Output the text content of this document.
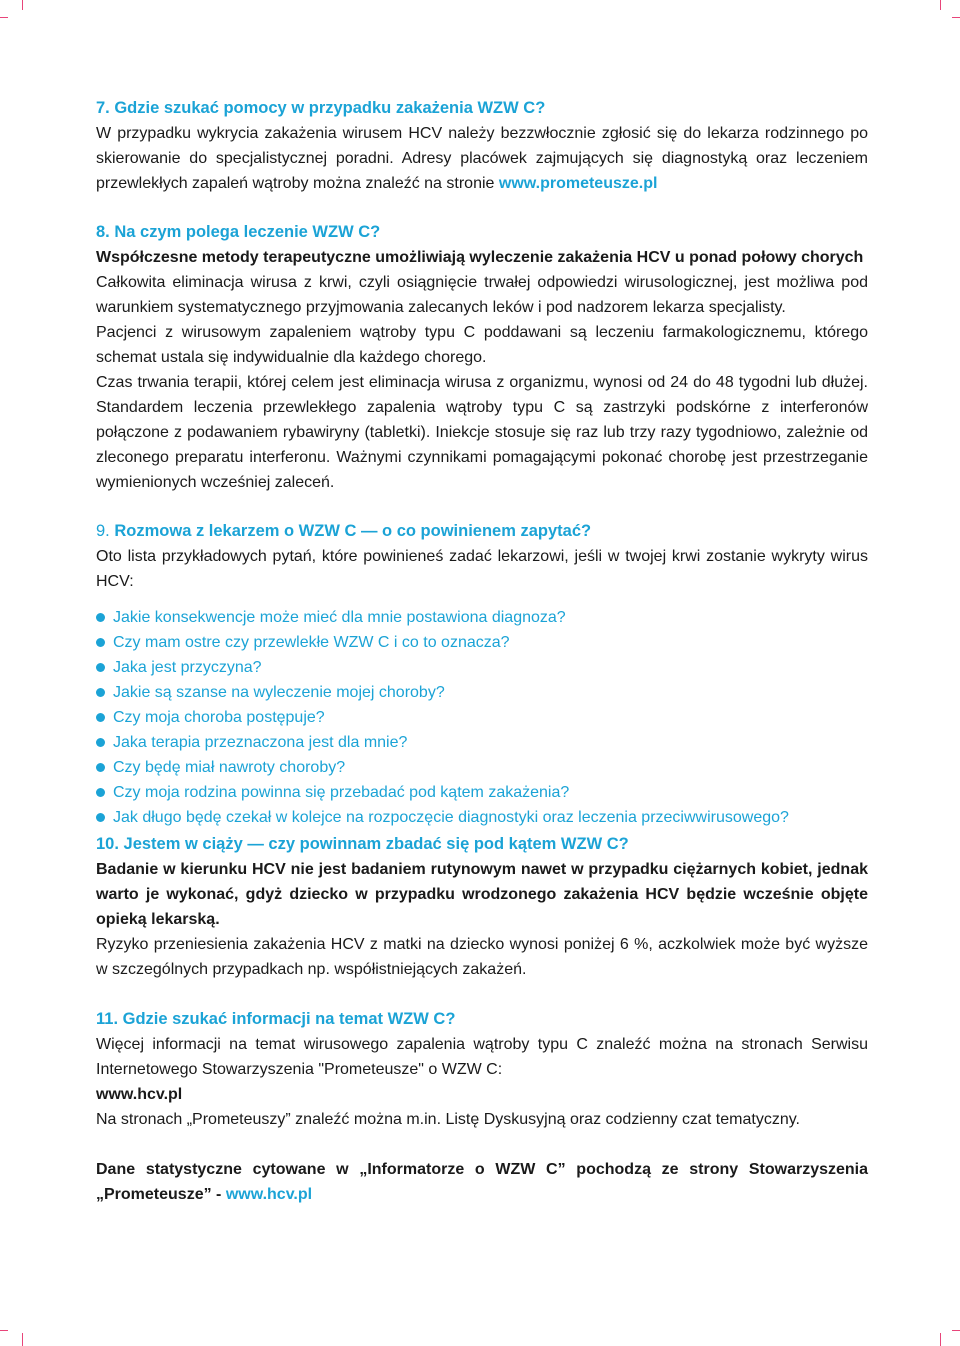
7. Gdzie szukać pomocy w przypadku zakażenia WZW C?

W przypadku wykrycia zakażenia wirusem HCV należy bezzwłocznie zgłosić się do lekarza rodzinnego po skierowanie do specjalistycznej poradni. Adresy placówek zajmujących się diagnostyką oraz leczeniem przewlekłych zapaleń wątroby można znaleźć na stronie www.prometeusze.pl

8. Na czym polega leczenie WZW C?

Współczesne metody terapeutyczne umożliwiają wyleczenie zakażenia HCV u ponad połowy chorych

Całkowita eliminacja wirusa z krwi, czyli osiągnięcie trwałej odpowiedzi wirusologicznej, jest możliwa pod warunkiem systematycznego przyjmowania zalecanych leków i pod nadzorem lekarza specjalisty.

Pacjenci z wirusowym zapaleniem wątroby typu C poddawani są leczeniu farmakologicznemu, którego schemat ustala się indywidualnie dla każdego chorego.

Czas trwania terapii, której celem jest eliminacja wirusa z organizmu, wynosi od 24 do 48 tygodni lub dłużej. Standardem leczenia przewlekłego zapalenia wątroby typu C są zastrzyki podskórne z interferonów połączone z podawaniem rybawiryny (tabletki). Iniekcje stosuje się raz lub trzy razy tygodniowo, zależnie od zleconego preparatu interferonu. Ważnymi czynnikami pomagającymi pokonać chorobę jest przestrzeganie wymienionych wcześniej zaleceń.

9. Rozmowa z lekarzem o WZW C — o co powinienem zapytać?

Oto lista przykładowych pytań, które powinieneś zadać lekarzowi, jeśli w twojej krwi zostanie wykryty wirus HCV:

Jakie konsekwencje może mieć dla mnie postawiona diagnoza?
Czy mam ostre czy przewlekłe WZW C i co to oznacza?
Jaka jest przyczyna?
Jakie są szanse na wyleczenie mojej choroby?
Czy moja choroba postępuje?
Jaka terapia przeznaczona jest dla mnie?
Czy będę miał nawroty choroby?
Czy moja rodzina powinna się przebadać pod kątem zakażenia?
Jak długo będę czekał w kolejce na rozpoczęcie diagnostyki oraz leczenia przeciwwirusowego?

10. Jestem w ciąży — czy powinnam zbadać się pod kątem WZW C?

Badanie w kierunku HCV nie jest badaniem rutynowym nawet w przypadku ciężarnych kobiet, jednak warto je wykonać, gdyż dziecko w przypadku wrodzonego zakażenia HCV będzie wcześnie objęte opieką lekarską.

Ryzyko przeniesienia zakażenia HCV z matki na dziecko wynosi poniżej 6 %, aczkolwiek może być wyższe w szczególnych przypadkach np. współistniejących zakażeń.

11. Gdzie szukać informacji na temat WZW C?

Więcej informacji na temat wirusowego zapalenia wątroby typu C znaleźć można na stronach Serwisu Internetowego Stowarzyszenia "Prometeusze" o WZW C:

www.hcv.pl

Na stronach „Prometeuszy” znaleźć można m.in. Listę Dyskusyjną oraz codzienny czat tematyczny.

Dane statystyczne cytowane w „Informatorze o WZW C” pochodzą ze strony Stowarzyszenia „Prometeusze” - www.hcv.pl
